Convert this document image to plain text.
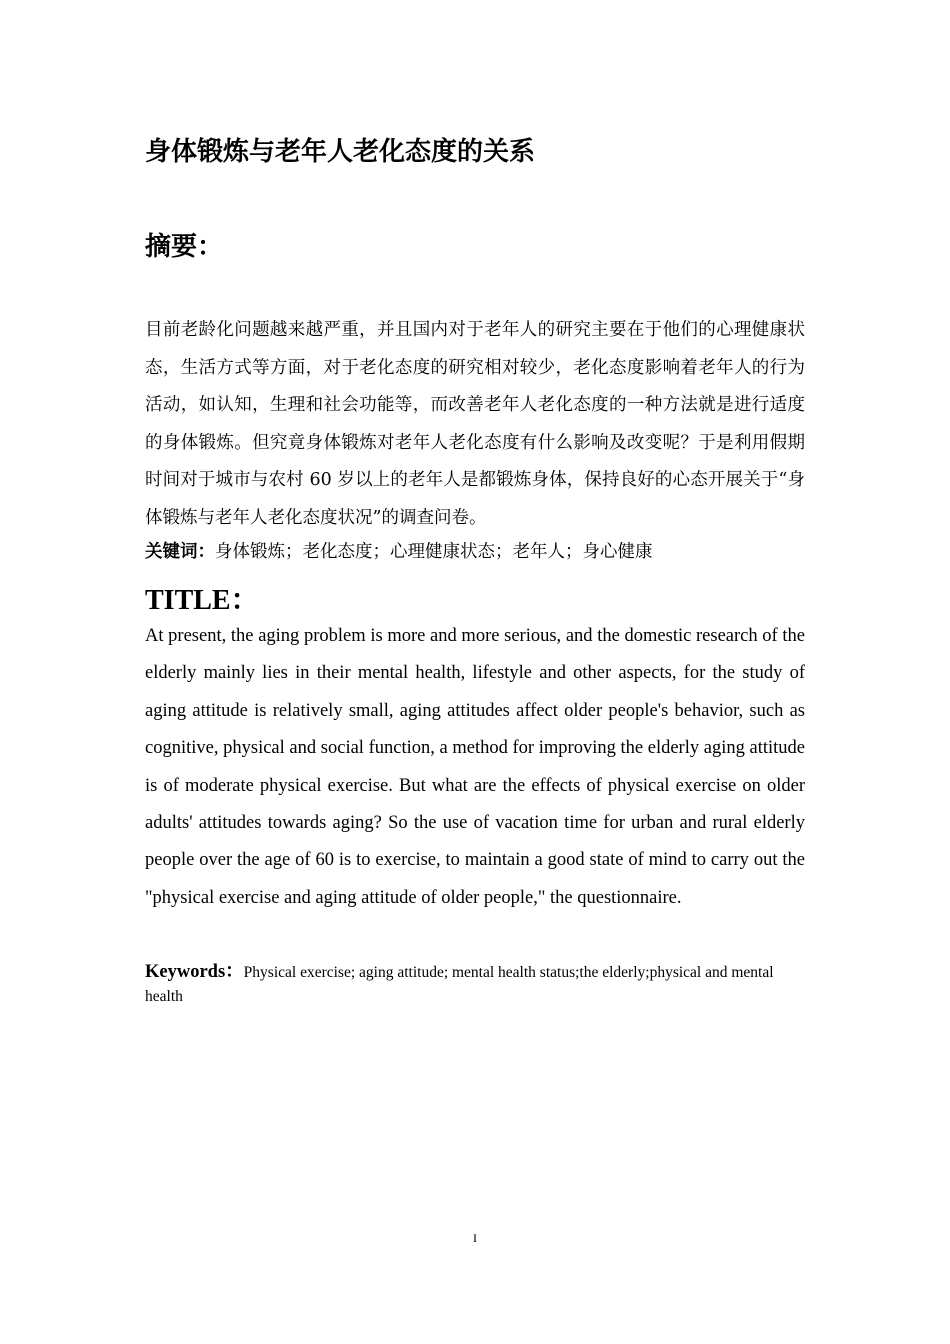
身体锻炼与老年人老化态度的关系
摘要：

目前老龄化问题越来越严重，并且国内对于老年人的研究主要在于他们的心理健康状态，生活方式等方面，对于老化态度的研究相对较少，老化态度影响着老年人的行为活动，如认知，生理和社会功能等，而改善老年人老化态度的一种方法就是进行适度的身体锻炼。但究竟身体锻炼对老年人老化态度有什么影响及改变呢？于是利用假期时间对于城市与农村 60 岁以上的老年人是都锻炼身体，保持良好的心态开展关于“身体锻炼与老年人老化态度状况”的调查问卷。

关键词：身体锻炼；老化态度；心理健康状态；老年人；身心健康

TITLE：

At present, the aging problem is more and more serious, and the domestic research of the elderly mainly lies in their mental health, lifestyle and other aspects, for the study of aging attitude is relatively small, aging attitudes affect older people's behavior, such as cognitive, physical and social function, a method for improving the elderly aging attitude is of moderate physical exercise. But what are the effects of physical exercise on older adults' attitudes towards aging? So the use of vacation time for urban and rural elderly people over the age of 60 is to exercise, to maintain a good state of mind to carry out the "physical exercise and aging attitude of older people," the questionnaire.

Keywords：Physical exercise; aging attitude; mental health status;the elderly;physical and mental health

I
